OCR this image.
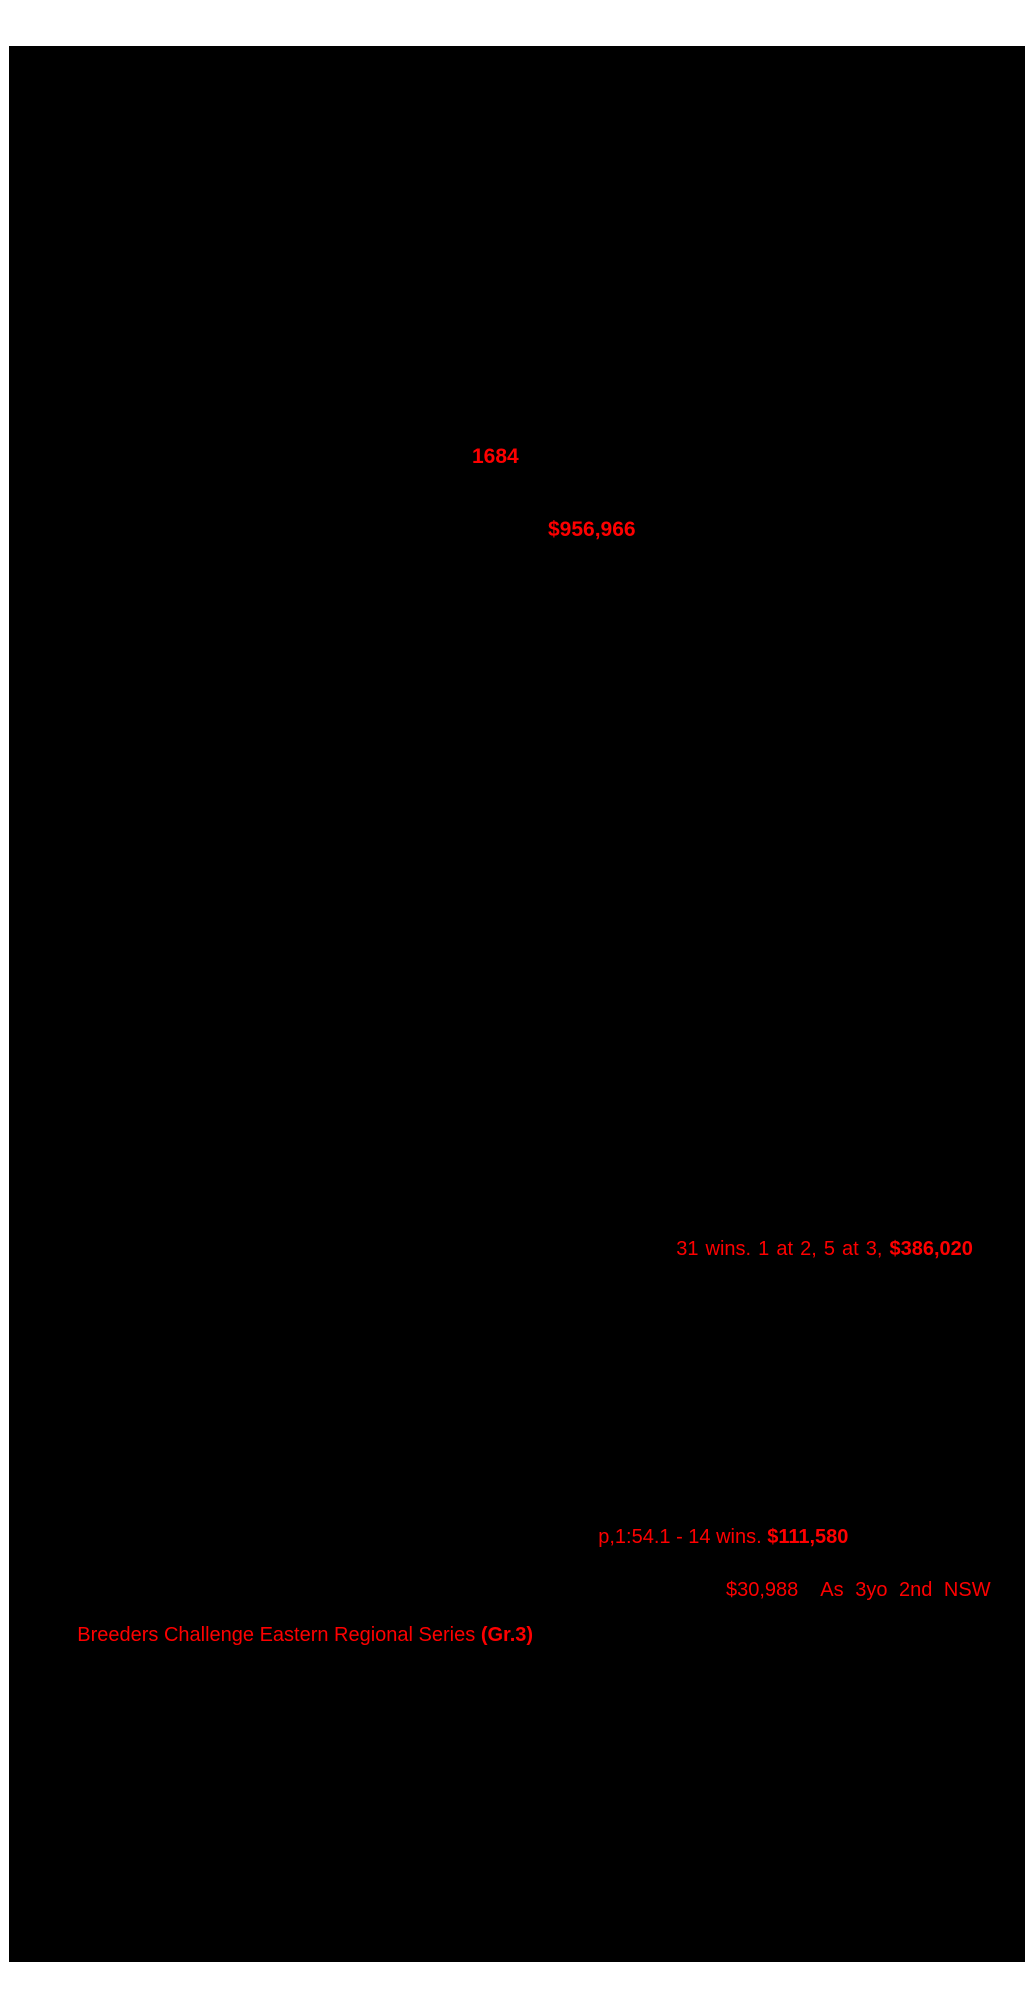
1684
$956,966

31 wins. 1 at 2, 5 at 3, $386,020

p,1:54.1 - 14 wins. $111,580

$30,988  As 3yo 2nd NSW

Breeders Challenge Eastern Regional Series (Gr.3)
